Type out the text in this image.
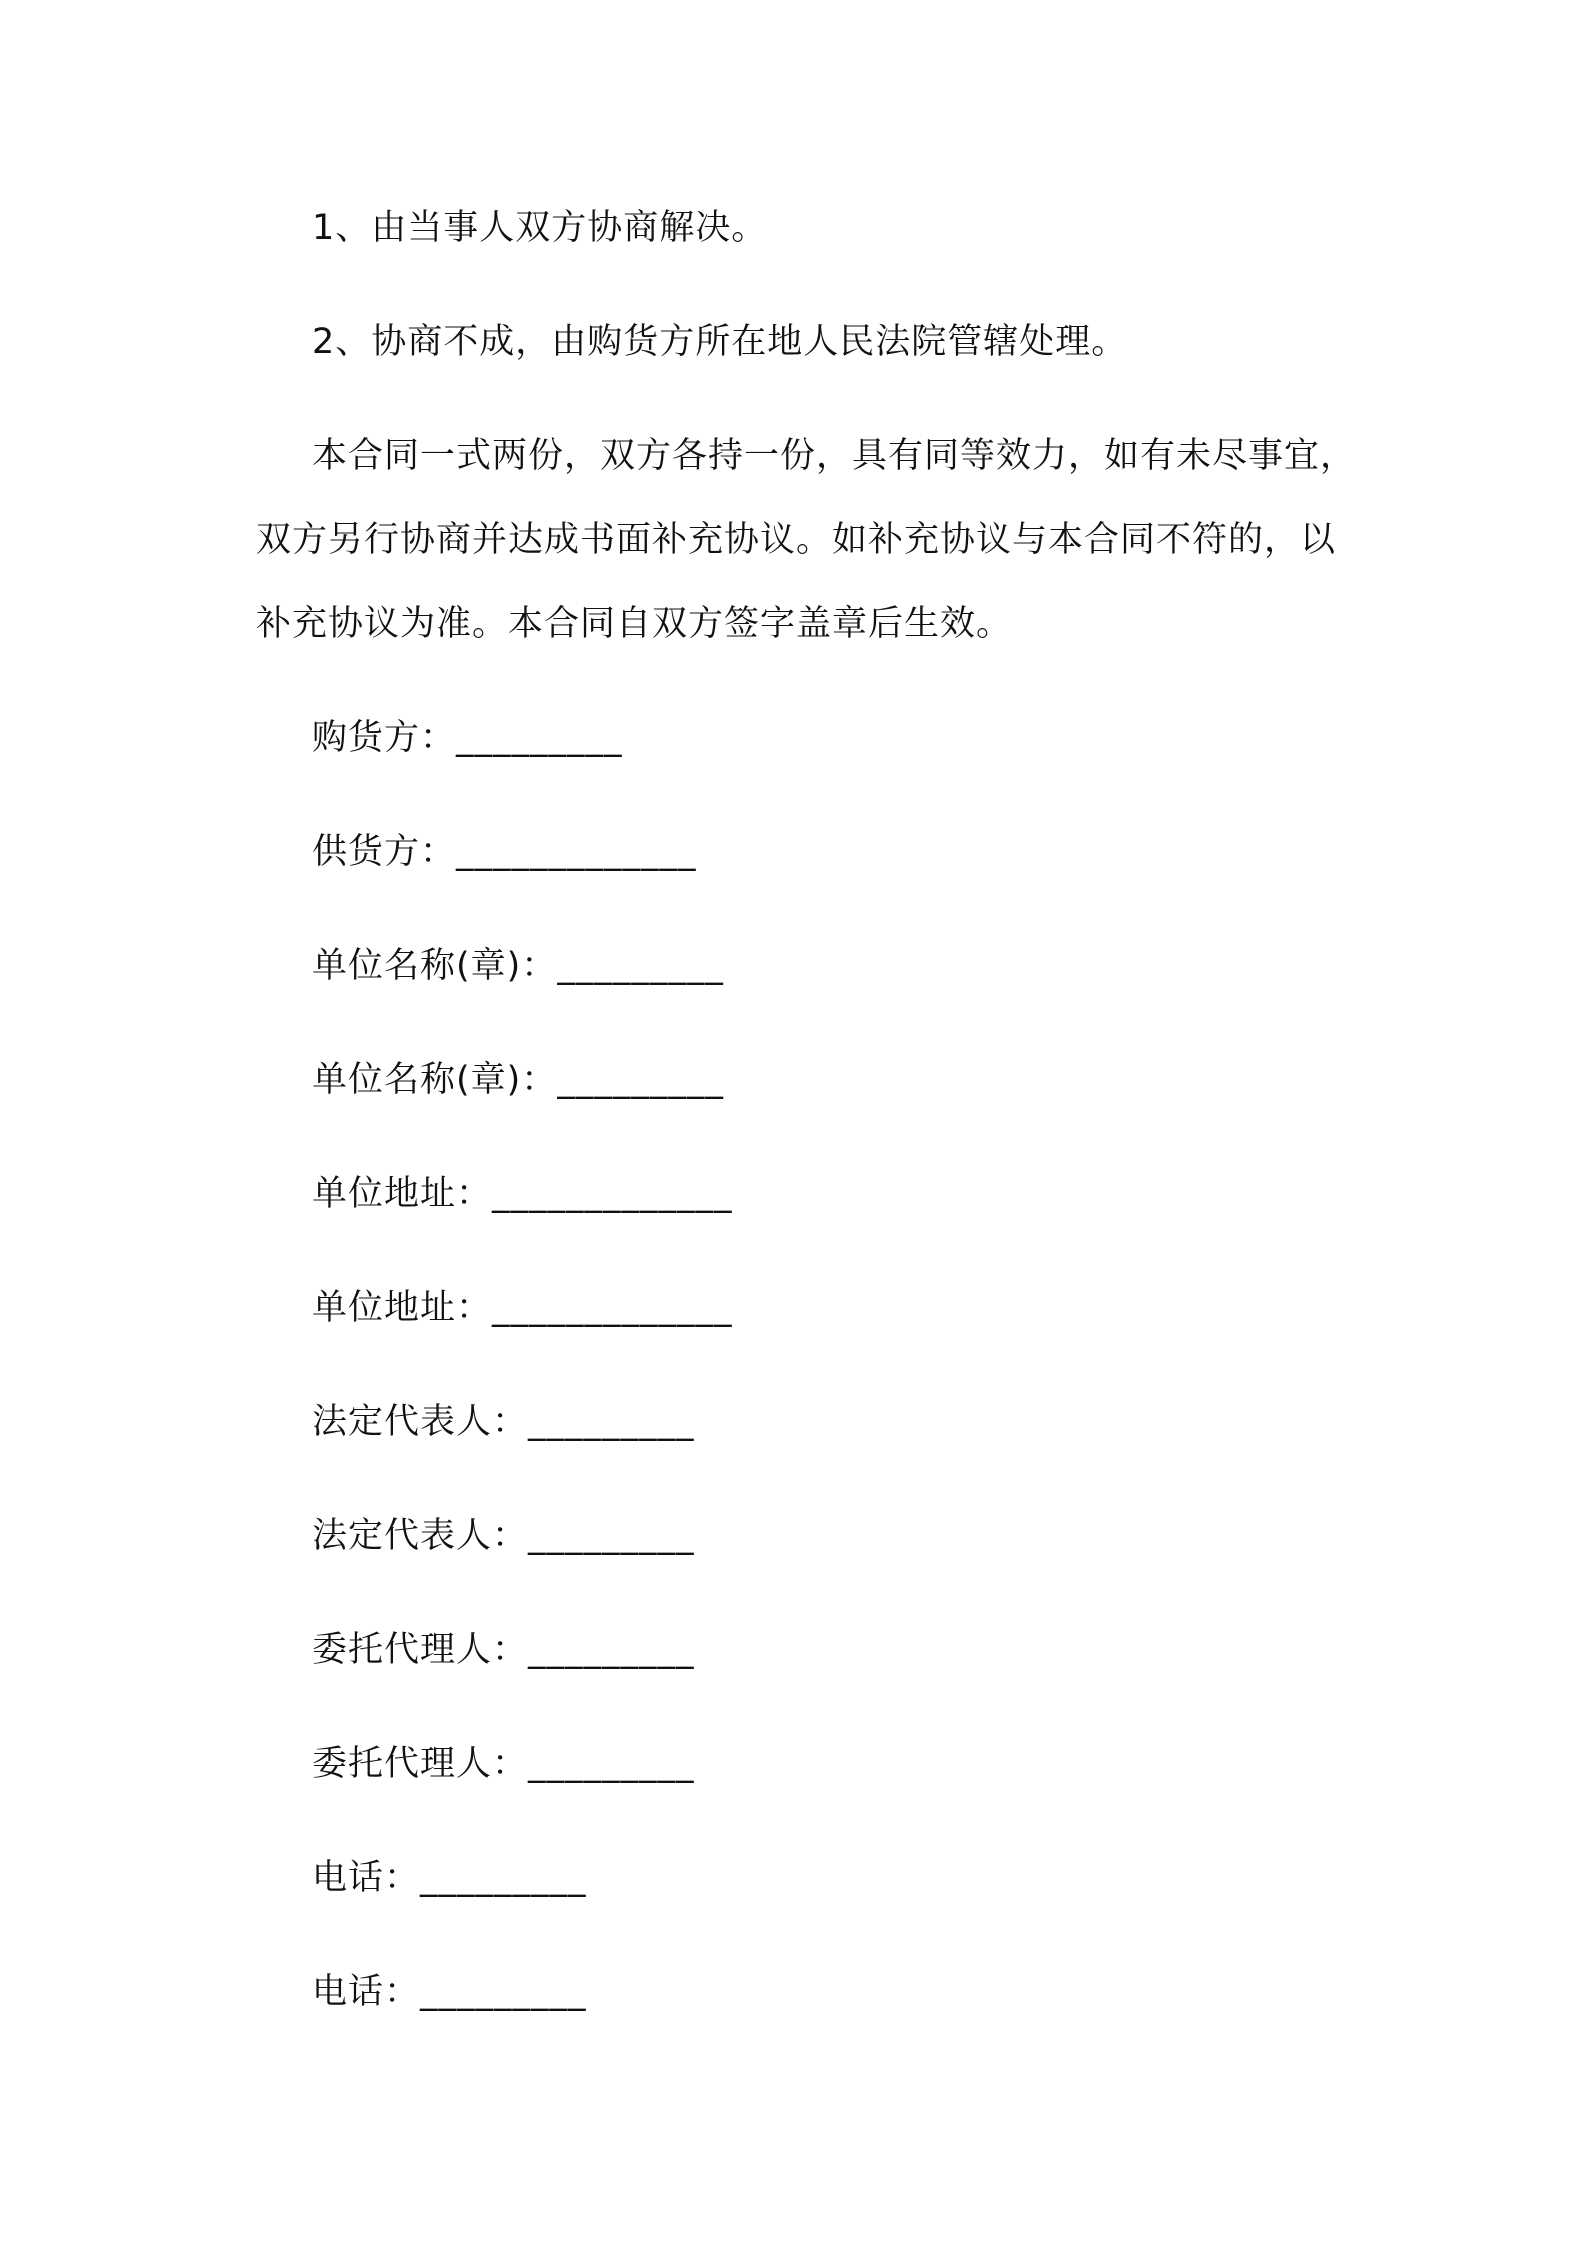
1、由当事人双方协商解决。

2、协商不成，由购货方所在地人民法院管辖处理。

本合同一式两份，双方各持一份，具有同等效力，如有未尽事宜，

双方另行协商并达成书面补充协议。如补充协议与本合同不符的，以

补充协议为准。本合同自双方签字盖章后生效。

购货方：_________

供货方：_____________

单位名称(章)：_________

单位名称(章)：_________

单位地址：_____________

单位地址：_____________

法定代表人：_________

法定代表人：_________

委托代理人：_________

委托代理人：_________

电话：_________

电话：_________
